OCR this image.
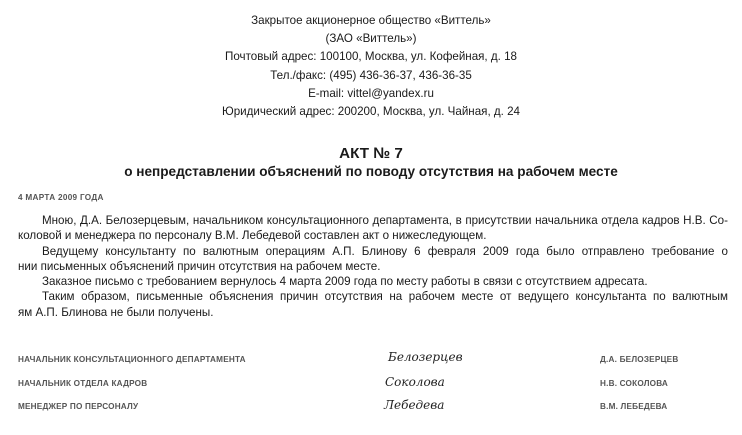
Закрытое акционерное общество «Виттель»
(ЗАО «Виттель»)
Почтовый адрес: 100100, Москва, ул. Кофейная, д. 18
Тел./факс: (495) 436-36-37, 436-36-35
E-mail: vittel@yandex.ru
Юридический адрес: 200200, Москва, ул. Чайная, д. 24
АКТ № 7
о непредставлении объяснений по поводу отсутствия на рабочем месте
4 МАРТА 2009 ГОДА
Мною, Д.А. Белозерцевым, начальником консультационного департамента, в присутствии начальника отдела кадров Н.В. Со-
коловой и менеджера по персоналу В.М. Лебедевой составлен акт о нижеследующем.
Ведущему консультанту по валютным операциям А.П. Блинову 6 февраля 2009 года было отправлено требование о
нии письменных объяснений причин отсутствия на рабочем месте.
Заказное письмо с требованием вернулось 4 марта 2009 года по месту работы в связи с отсутствием адресата.
Таким образом, письменные объяснения причин отсутствия на рабочем месте от ведущего консультанта по валютным
ям А.П. Блинова не были получены.
НАЧАЛЬНИК КОНСУЛЬТАЦИОННОГО ДЕПАРТАМЕНТА	Белозерцев	Д.А. БЕЛОЗЕРЦЕВ
НАЧАЛЬНИК ОТДЕЛА КАДРОВ	Соколова	Н.В. СОКОЛОВА
МЕНЕДЖЕР ПО ПЕРСОНАЛУ	Лебедева	В.М. ЛЕБЕДЕВА
